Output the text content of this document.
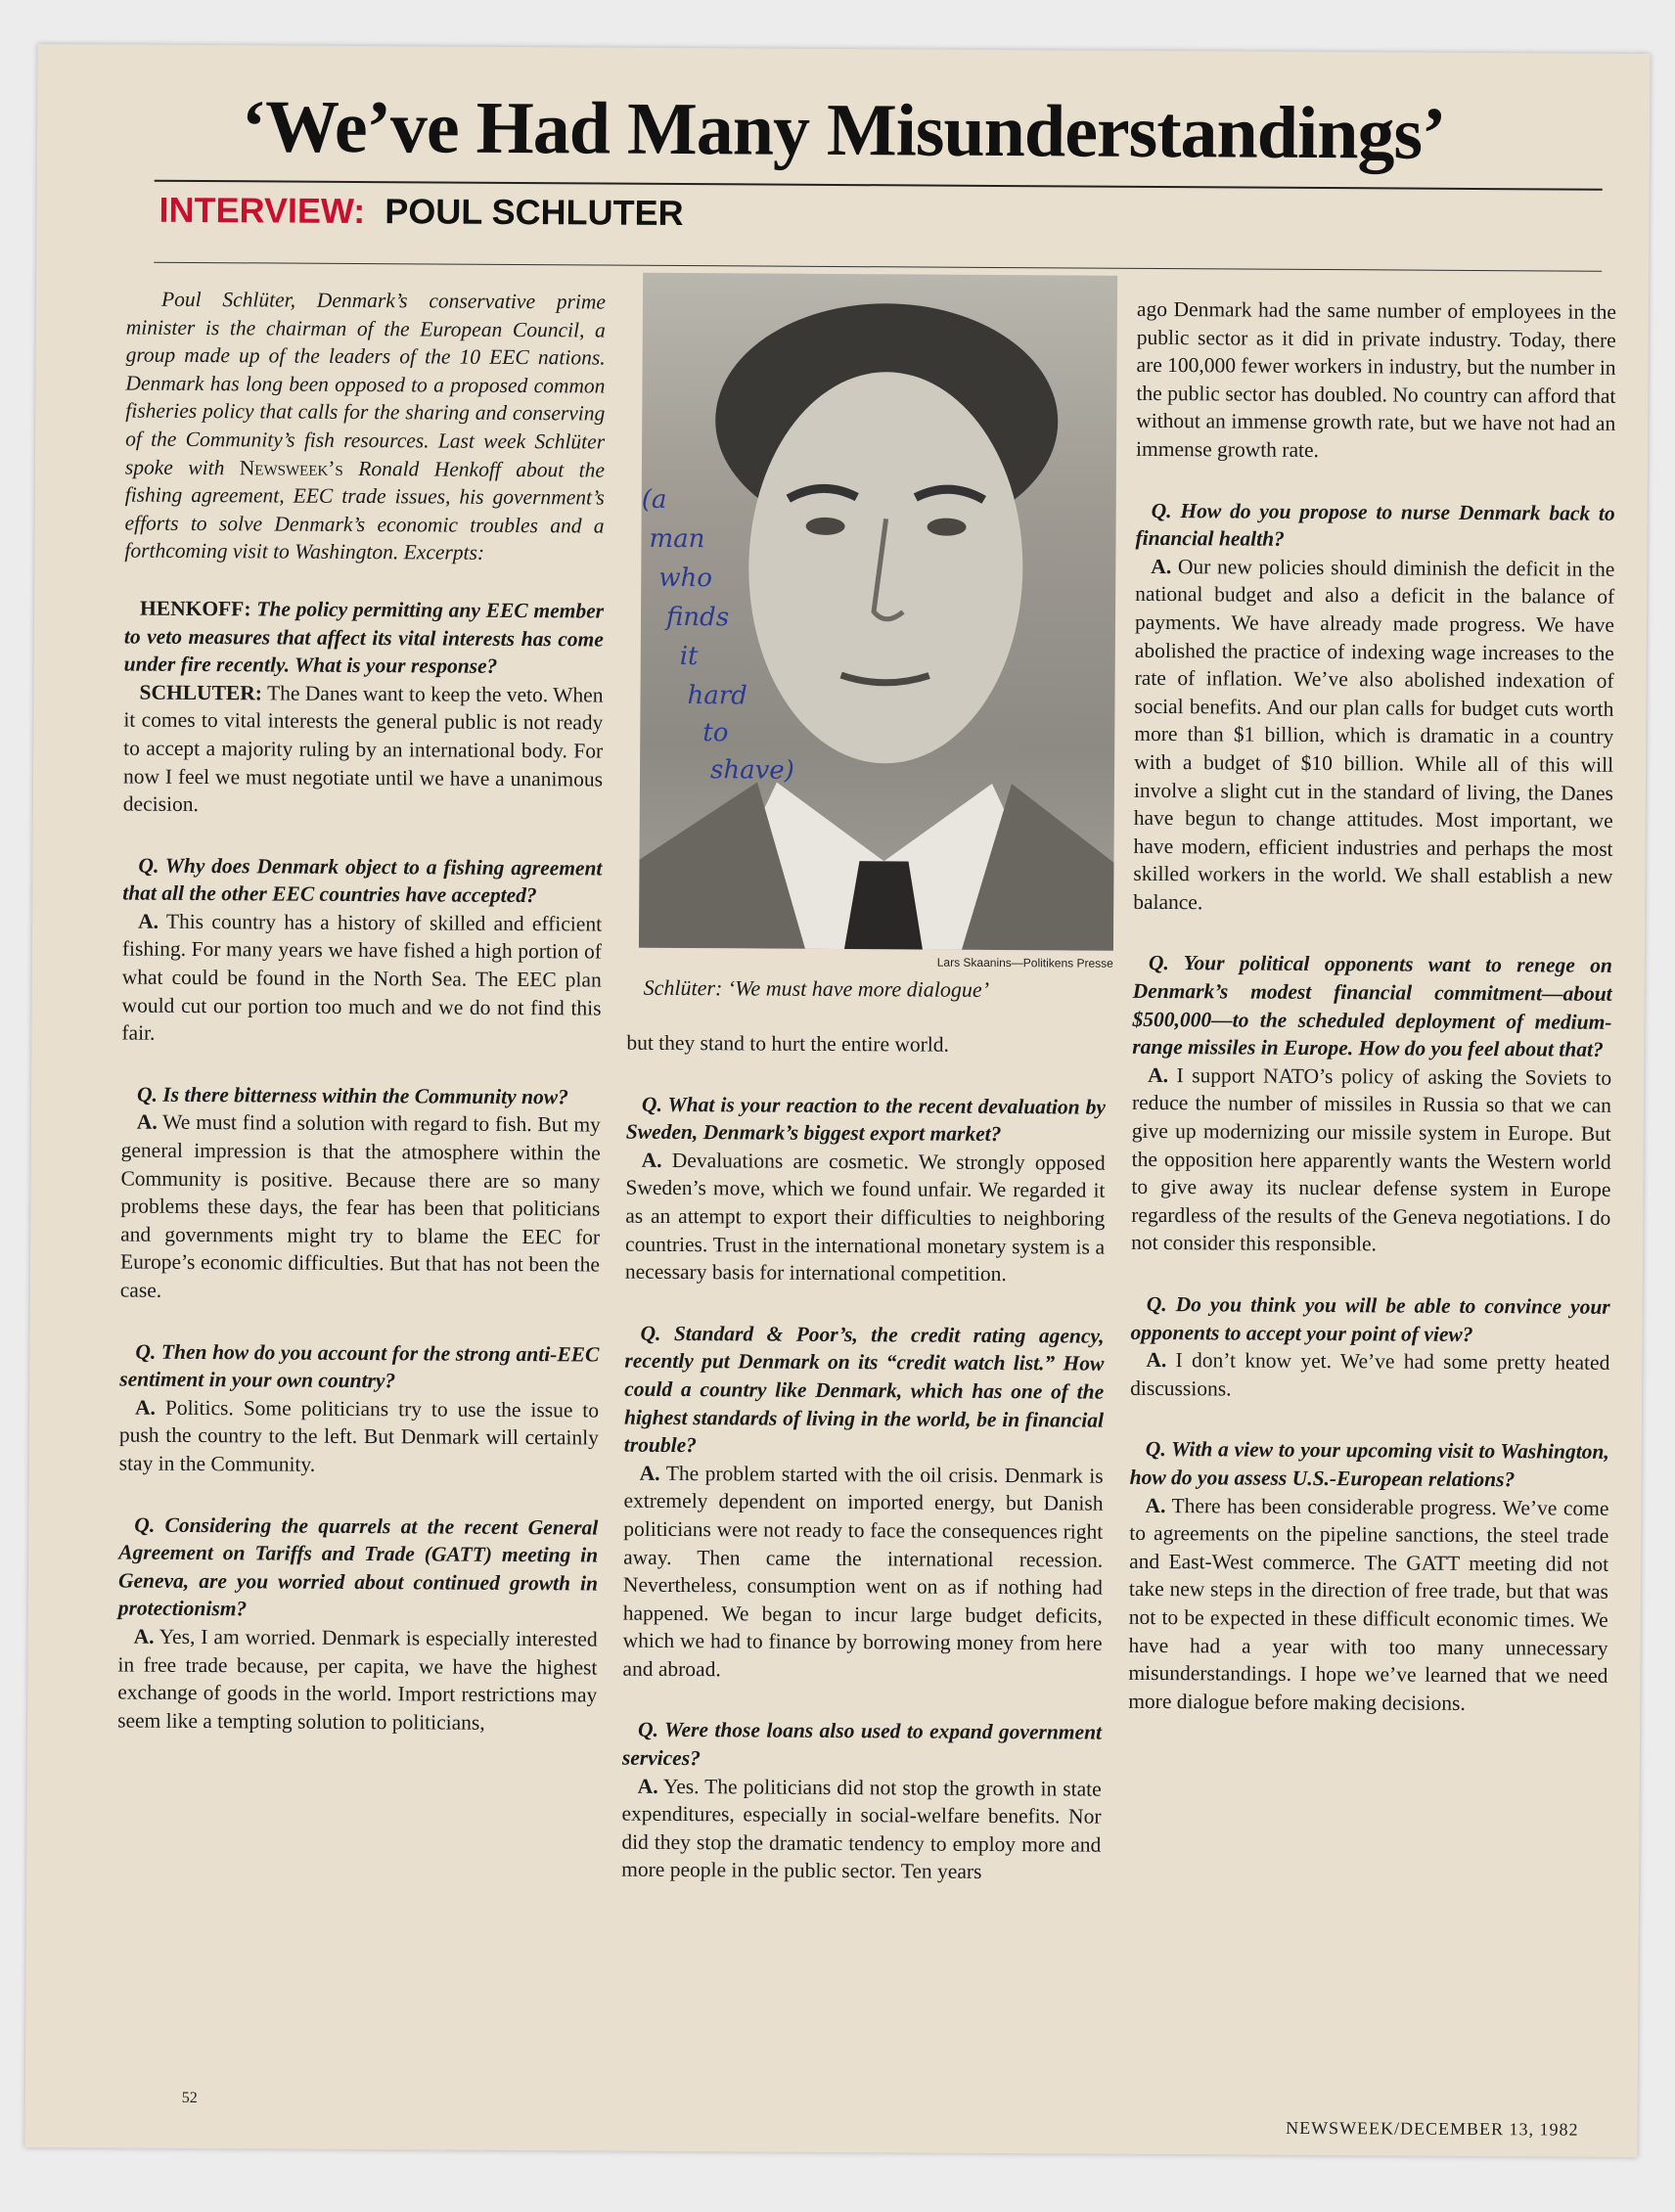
‘We’ve Had Many Misunderstandings’
INTERVIEW: POUL SCHLUTER

Poul Schlüter, Denmark’s conservative prime minister is the chairman of the European Council, a group made up of the leaders of the 10 EEC nations. Denmark has long been opposed to a proposed common fisheries policy that calls for the sharing and conserving of the Community’s fish resources. Last week Schlüter spoke with Newsweek’s Ronald Henkoff about the fishing agreement, EEC trade issues, his government’s efforts to solve Denmark’s economic troubles and a forthcoming visit to Washington. Excerpts:

HENKOFF: The policy permitting any EEC member to veto measures that affect its vital interests has come under fire recently. What is your response?

SCHLUTER: The Danes want to keep the veto. When it comes to vital interests the general public is not ready to accept a majority ruling by an international body. For now I feel we must negotiate until we have a unanimous decision.

Q. Why does Denmark object to a fishing agreement that all the other EEC countries have accepted?

A. This country has a history of skilled and efficient fishing. For many years we have fished a high portion of what could be found in the North Sea. The EEC plan would cut our portion too much and we do not find this fair.

Q. Is there bitterness within the Community now?

A. We must find a solution with regard to fish. But my general impression is that the atmosphere within the Community is positive. Because there are so many problems these days, the fear has been that politicians and governments might try to blame the EEC for Europe’s economic difficulties. But that has not been the case.

Q. Then how do you account for the strong anti-EEC sentiment in your own country?

A. Politics. Some politicians try to use the issue to push the country to the left. But Denmark will certainly stay in the Community.

Q. Considering the quarrels at the recent General Agreement on Tariffs and Trade (GATT) meeting in Geneva, are you worried about continued growth in protectionism?

A. Yes, I am worried. Denmark is especially interested in free trade because, per capita, we have the highest exchange of goods in the world. Import restrictions may seem like a tempting solution to politicians,

(a
man
who
finds
it
hard
to
shave)
Lars Skaanins—Politikens Presse
Schlüter: ‘We must have more dialogue’

but they stand to hurt the entire world.

Q. What is your reaction to the recent devaluation by Sweden, Denmark’s biggest export market?

A. Devaluations are cosmetic. We strongly opposed Sweden’s move, which we found unfair. We regarded it as an attempt to export their difficulties to neighboring countries. Trust in the international monetary system is a necessary basis for international competition.

Q. Standard & Poor’s, the credit rating agency, recently put Denmark on its “credit watch list.” How could a country like Denmark, which has one of the highest standards of living in the world, be in financial trouble?

A. The problem started with the oil crisis. Denmark is extremely dependent on imported energy, but Danish politicians were not ready to face the consequences right away. Then came the international recession. Nevertheless, consumption went on as if nothing had happened. We began to incur large budget deficits, which we had to finance by borrowing money from here and abroad.

Q. Were those loans also used to expand government services?

A. Yes. The politicians did not stop the growth in state expenditures, especially in social-welfare benefits. Nor did they stop the dramatic tendency to employ more and more people in the public sector. Ten years

ago Denmark had the same number of employees in the public sector as it did in private industry. Today, there are 100,000 fewer workers in industry, but the number in the public sector has doubled. No country can afford that without an immense growth rate, but we have not had an immense growth rate.

Q. How do you propose to nurse Denmark back to financial health?

A. Our new policies should diminish the deficit in the national budget and also a deficit in the balance of payments. We have already made progress. We have abolished the practice of indexing wage increases to the rate of inflation. We’ve also abolished indexation of social benefits. And our plan calls for budget cuts worth more than $1 billion, which is dramatic in a country with a budget of $10 billion. While all of this will involve a slight cut in the standard of living, the Danes have begun to change attitudes. Most important, we have modern, efficient industries and perhaps the most skilled workers in the world. We shall establish a new balance.

Q. Your political opponents want to renege on Denmark’s modest financial commitment—about $500,000—to the scheduled deployment of medium-range missiles in Europe. How do you feel about that?

A. I support NATO’s policy of asking the Soviets to reduce the number of missiles in Russia so that we can give up modernizing our missile system in Europe. But the opposition here apparently wants the Western world to give away its nuclear defense system in Europe regardless of the results of the Geneva negotiations. I do not consider this responsible.

Q. Do you think you will be able to convince your opponents to accept your point of view?

A. I don’t know yet. We’ve had some pretty heated discussions.

Q. With a view to your upcoming visit to Washington, how do you assess U.S.-European relations?

A. There has been considerable progress. We’ve come to agreements on the pipeline sanctions, the steel trade and East-West commerce. The GATT meeting did not take new steps in the direction of free trade, but that was not to be expected in these difficult economic times. We have had a year with too many unnecessary misunderstandings. I hope we’ve learned that we need more dialogue before making decisions.

52
NEWSWEEK/DECEMBER 13, 1982
